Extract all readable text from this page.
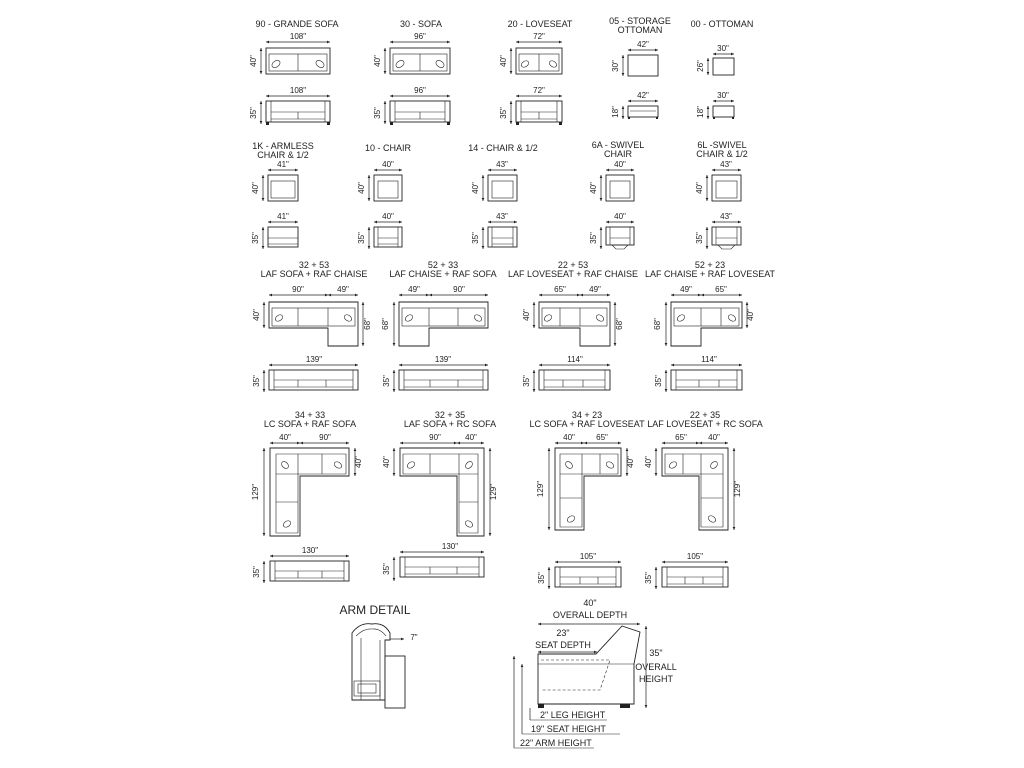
90 - GRANDE SOFA
108"
40"
108"
35"
30 - SOFA
96"
40"
96"
35"
20 - LOVESEAT
72"
40"
72"
35"
05 - STORAGE
OTTOMAN
42"
30"
42"
18"
00 - OTTOMAN
30"
26"
30"
18"
1K - ARMLESS
CHAIR & 1/2
41"
40"
41"
35"
10 - CHAIR
40"
40"
40"
35"
14 - CHAIR & 1/2
43"
40"
43"
35"
6A - SWIVEL
CHAIR
40"
40"
40"
35"
6L -SWIVEL
CHAIR & 1/2
43"
40"
43"
35"
32 + 53
LAF SOFA + RAF CHAISE
90"	49"
40"
68"
139"
35"
52 + 33
LAF CHAISE + RAF SOFA
49"	90"
68"
139"
35"
22 + 53
LAF LOVESEAT + RAF CHAISE
65"	49"
40"
68"
114"
35"
52 + 23
LAF CHAISE + RAF LOVESEAT
49"	65"
68"
40"
114"
35"
34 + 33
LC SOFA + RAF SOFA
40"	90"
129"
40"
130"
35"
32 + 35
LAF SOFA + RC SOFA
90"	40"
40"
129"
130"
35"
34 + 23
LC SOFA + RAF LOVESEAT
40"	65"
129"
40"
105"
35"
22 + 35
LAF LOVESEAT + RC SOFA
65"	40"
40"
129"
105"
35"
ARM DETAIL
7"
40"
OVERALL DEPTH
23"
SEAT DEPTH
35"
OVERALL
HEIGHT
2" LEG HEIGHT
19" SEAT HEIGHT
22" ARM HEIGHT
